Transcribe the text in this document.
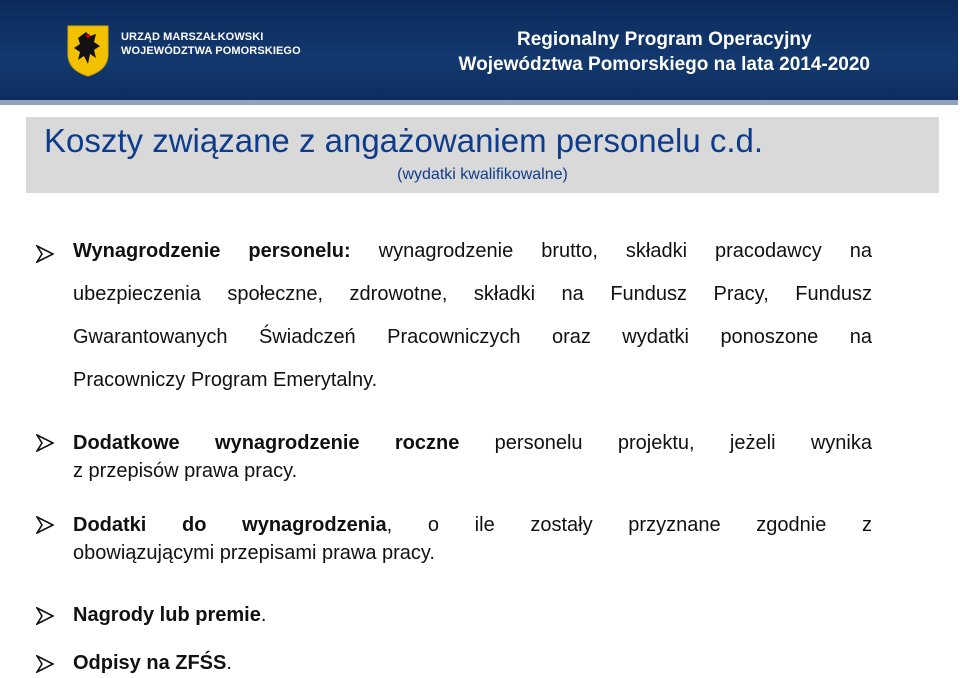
URZĄD MARSZAŁKOWSKI
WOJEWÓDZTWA POMORSKIEGO
Regionalny Program Operacyjny
Województwa Pomorskiego na lata 2014-2020
Koszty związane z angażowaniem personelu c.d.
(wydatki kwalifikowalne)
Wynagrodzenie personelu: wynagrodzenie brutto, składki pracodawcy na
ubezpieczenia społeczne, zdrowotne, składki na Fundusz Pracy, Fundusz
Gwarantowanych Świadczeń Pracowniczych oraz wydatki ponoszone na
Pracowniczy Program Emerytalny.
Dodatkowe wynagrodzenie roczne personelu projektu, jeżeli wynika
z przepisów prawa pracy.
Dodatki do wynagrodzenia, o ile zostały przyznane zgodnie z
obowiązującymi przepisami prawa pracy.
Nagrody lub premie.
Odpisy na ZFŚS.
